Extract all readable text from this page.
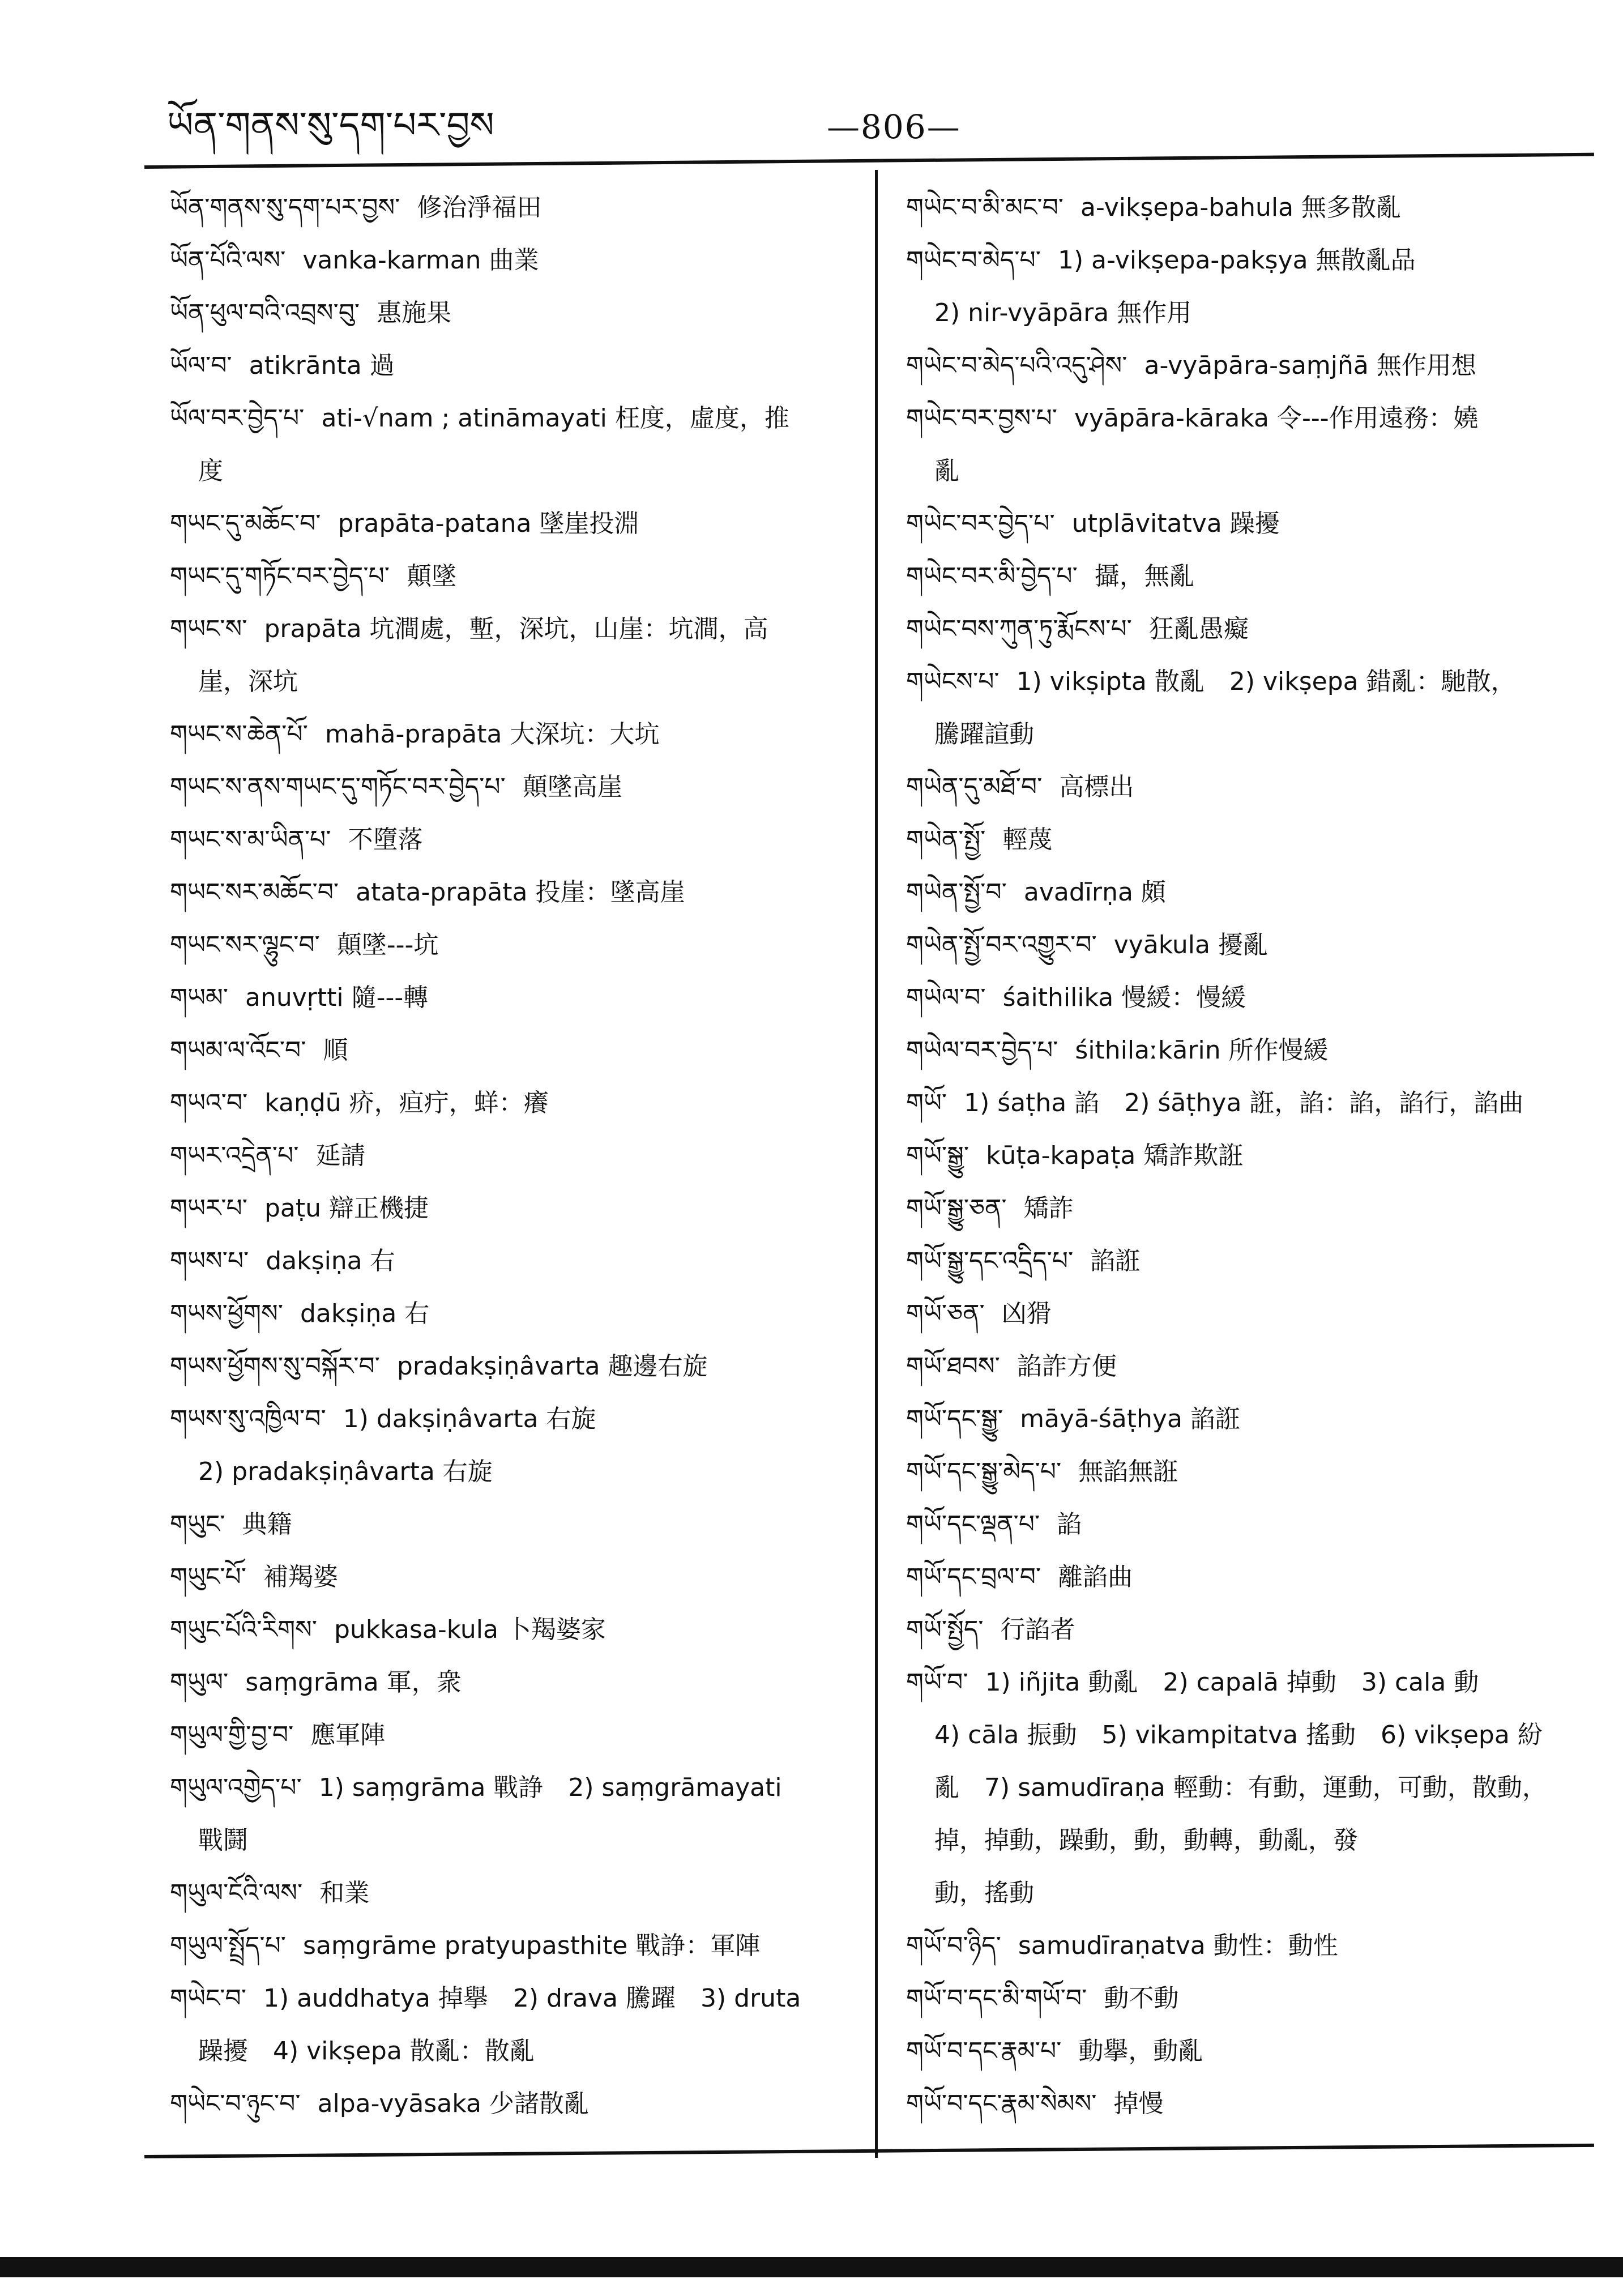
ཡོན་གནས་སུ་དག་པར་བྱས	—806—
ཡོན་གནས་སུ་དག་པར་བྱས་ 修治淨福田
ཡོན་པོའི་ལས་ vanka-karman 曲業
ཡོན་ཕུལ་བའི་འབྲས་བུ་ 惠施果
ཡོལ་བ་ atikrānta 過
ཡོལ་བར་བྱེད་པ་ ati-√nam ; atināmayati 枉度，虛度，推
度
གཡང་དུ་མཆོང་བ་ prapāta-patana 墜崖投淵
གཡང་དུ་གཏོང་བར་བྱེད་པ་ 顛墜
གཡང་ས་ prapāta 坑澗處，塹，深坑，山崖：坑澗，高
崖，深坑
གཡང་ས་ཆེན་པོ་ mahā-prapāta 大深坑：大坑
གཡང་ས་ནས་གཡང་དུ་གཏོང་བར་བྱེད་པ་ 顛墜高崖
གཡང་ས་མ་ཡིན་པ་ 不墮落
གཡང་སར་མཆོང་བ་ atata-prapāta 投崖：墜高崖
གཡང་སར་ལྷུང་བ་ 顛墜---坑
གཡམ་ anuvṛtti 隨---轉
གཡམ་ལ་འོང་བ་ 順
གཡའ་བ་ kaṇḍū 疥，疸疔，蛘：癢
གཡར་འདྲེན་པ་ 延請
གཡར་པ་ paṭu 辯正機捷
གཡས་པ་ dakṣiṇa 右
གཡས་ཕྱོགས་ dakṣiṇa 右
གཡས་ཕྱོགས་སུ་བསྐོར་བ་ pradakṣiṇâvarta 趣邊右旋
གཡས་སུ་འཁྱིལ་བ་ 1) dakṣiṇâvarta 右旋
2) pradakṣiṇâvarta 右旋
གཡུང་ 典籍
གཡུང་པོ་ 補羯婆
གཡུང་པོའི་རིགས་ pukkasa-kula 卜羯婆家
གཡུལ་ saṃgrāma 軍，衆
གཡུལ་གྱི་བྱ་བ་ 應軍陣
གཡུལ་འགྱེད་པ་ 1) saṃgrāma 戰諍　2) saṃgrāmayati
戰鬪
གཡུལ་ངོའི་ལས་ 和業
གཡུལ་སྤྲོད་པ་ saṃgrāme pratyupasthite 戰諍：軍陣
གཡེང་བ་ 1) auddhatya 掉擧　2) drava 騰躍　3) druta
躁擾　4) vikṣepa 散亂：散亂
གཡེང་བ་ཉུང་བ་ alpa-vyāsaka 少諸散亂
གཡེང་བ་མི་མང་བ་ a-vikṣepa-bahula 無多散亂
གཡེང་བ་མེད་པ་ 1) a-vikṣepa-pakṣya 無散亂品
2) nir-vyāpāra 無作用
གཡེང་བ་མེད་པའི་འདུ་ཤེས་ a-vyāpāra-saṃjñā 無作用想
གཡེང་བར་བྱས་པ་ vyāpāra-kāraka 令---作用遠務：嬈
亂
གཡེང་བར་བྱེད་པ་ utplāvitatva 躁擾
གཡེང་བར་མི་བྱེད་པ་ 攝，無亂
གཡེང་བས་ཀུན་ཏུ་རྨོངས་པ་ 狂亂愚癡
གཡེངས་པ་ 1) vikṣipta 散亂　2) vikṣepa 錯亂：馳散，
騰躍諠動
གཡེན་དུ་མཐོ་བ་ 高標出
གཡེན་སྤྱོ་ 輕蔑
གཡེན་སྤྱོ་བ་ avadīrṇa 頗
གཡེན་སྤྱོ་བར་འགྱུར་བ་ vyākula 擾亂
གཡེལ་བ་ śaithilika 慢緩：慢緩
གཡེལ་བར་བྱེད་པ་ śithilaːkārin 所作慢緩
གཡོ་ 1) śaṭha 諂　2) śāṭhya 誑，諂：諂，諂行，諂曲
གཡོ་སྒྱུ་ kūṭa-kapaṭa 矯詐欺誑
གཡོ་སྒྱུ་ཅན་ 矯詐
གཡོ་སྒྱུ་དང་འདྲིད་པ་ 諂誑
གཡོ་ཅན་ 凶猾
གཡོ་ཐབས་ 諂詐方便
གཡོ་དང་སྒྱུ་ māyā-śāṭhya 諂誑
གཡོ་དང་སྒྱུ་མེད་པ་ 無諂無誑
གཡོ་དང་ལྡན་པ་ 諂
གཡོ་དང་བྲལ་བ་ 離諂曲
གཡོ་སྤྱོད་ 行諂者
གཡོ་བ་ 1) iñjita 動亂　2) capalā 掉動　3) cala 動
4) cāla 振動　5) vikampitatva 搖動　6) vikṣepa 紛
亂　7) samudīraṇa 輕動：有動，運動，可動，散動，
掉，掉動，躁動，動，動轉，動亂，發
動，搖動
གཡོ་བ་ཉིད་ samudīraṇatva 動性：動性
གཡོ་བ་དང་མི་གཡོ་བ་ 動不動
གཡོ་བ་དང་རྣམ་པ་ 動擧，動亂
གཡོ་བ་དང་རྣམ་སེམས་ 掉慢
